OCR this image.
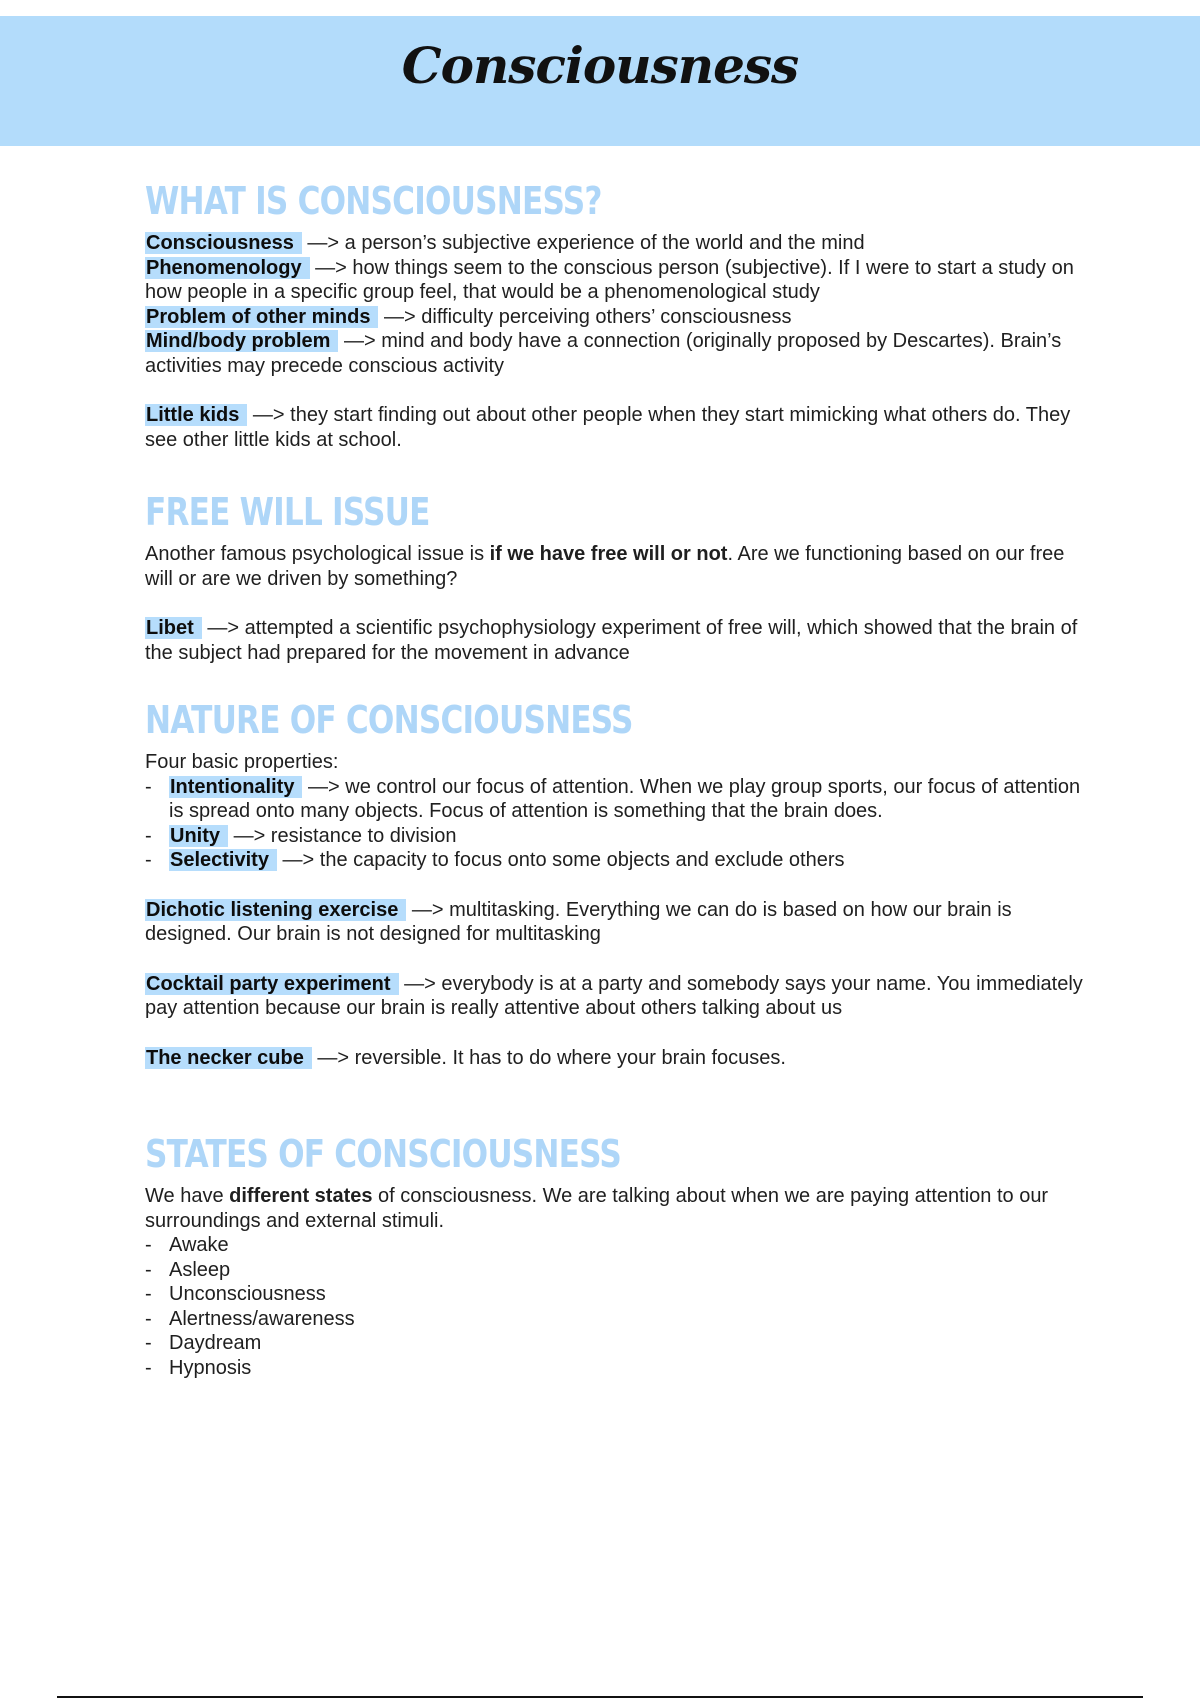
Consciousness
WHAT IS CONSCIOUSNESS?

Consciousness —> a person’s subjective experience of the world and the mind

Phenomenology —> how things seem to the conscious person (subjective). If I were to start a study on how people in a specific group feel, that would be a phenomenological study

Problem of other minds —> difficulty perceiving others’ consciousness

Mind/body problem —> mind and body have a connection (originally proposed by Descartes). Brain’s activities may precede conscious activity

Little kids —> they start finding out about other people when they start mimicking what others do. They see other little kids at school.

FREE WILL ISSUE

Another famous psychological issue is if we have free will or not. Are we functioning based on our free will or are we driven by something?

Libet —> attempted a scientific psychophysiology experiment of free will, which showed that the brain of the subject had prepared for the movement in advance

NATURE OF CONSCIOUSNESS

Four basic properties:

- Intentionality —> we control our focus of attention. When we play group sports, our focus of attention is spread onto many objects. Focus of attention is something that the brain does.
- Unity —> resistance to division
- Selectivity —> the capacity to focus onto some objects and exclude others

Dichotic listening exercise —> multitasking. Everything we can do is based on how our brain is designed. Our brain is not designed for multitasking

Cocktail party experiment —> everybody is at a party and somebody says your name. You immediately pay attention because our brain is really attentive about others talking about us

The necker cube —> reversible. It has to do where your brain focuses.

STATES OF CONSCIOUSNESS

We have different states of consciousness. We are talking about when we are paying attention to our surroundings and external stimuli.

- Awake
- Asleep
- Unconsciousness
- Alertness/awareness
- Daydream
- Hypnosis
